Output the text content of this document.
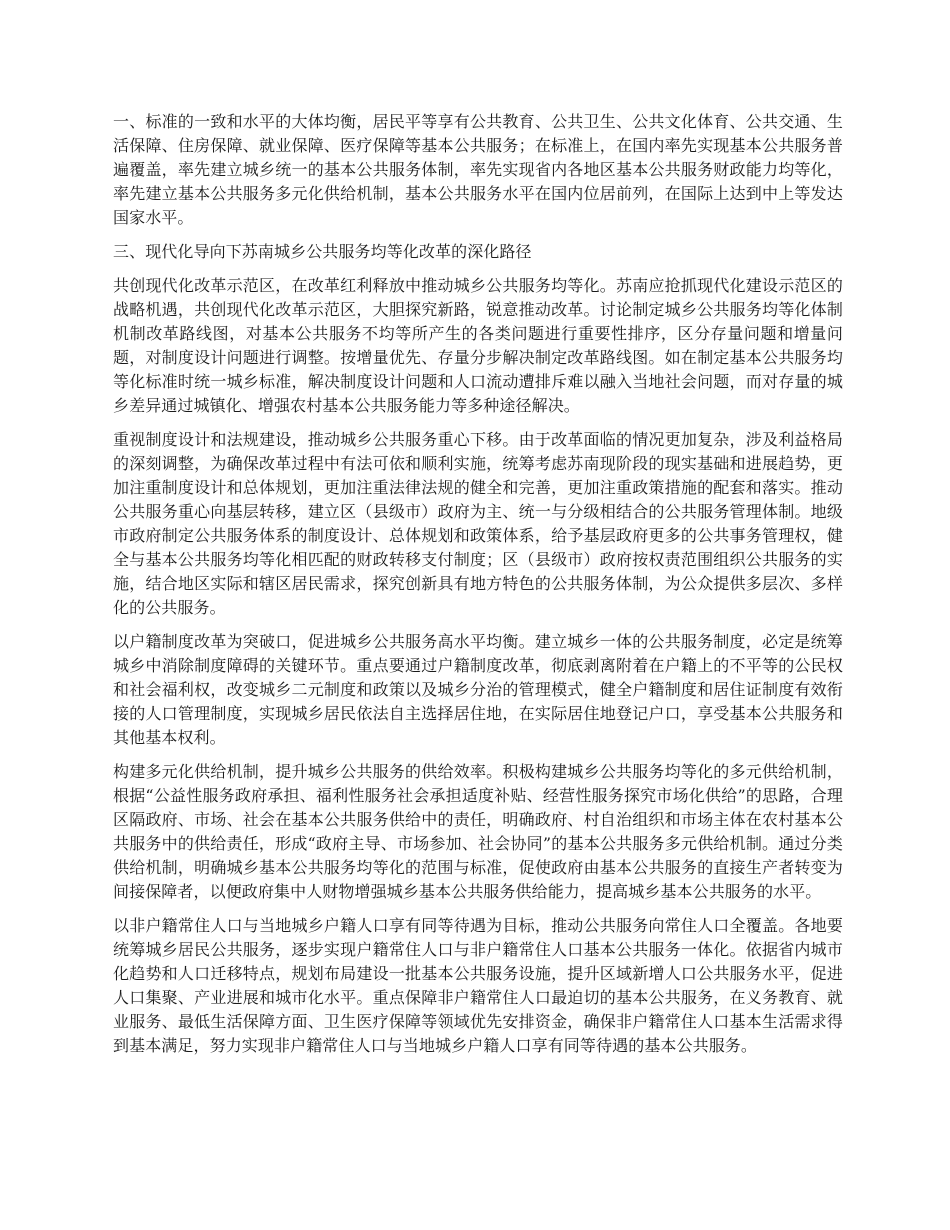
一、标准的一致和水平的大体均衡，居民平等享有公共教育、公共卫生、公共文化体育、公共交通、生活保障、住房保障、就业保障、医疗保障等基本公共服务；在标准上，在国内率先实现基本公共服务普遍覆盖，率先建立城乡统一的基本公共服务体制，率先实现省内各地区基本公共服务财政能力均等化，率先建立基本公共服务多元化供给机制，基本公共服务水平在国内位居前列，在国际上达到中上等发达国家水平。

三、现代化导向下苏南城乡公共服务均等化改革的深化路径

共创现代化改革示范区，在改革红利释放中推动城乡公共服务均等化。苏南应抢抓现代化建设示范区的战略机遇，共创现代化改革示范区，大胆探究新路，锐意推动改革。讨论制定城乡公共服务均等化体制机制改革路线图，对基本公共服务不均等所产生的各类问题进行重要性排序，区分存量问题和增量问题，对制度设计问题进行调整。按增量优先、存量分步解决制定改革路线图。如在制定基本公共服务均等化标准时统一城乡标准，解决制度设计问题和人口流动遭排斥难以融入当地社会问题，而对存量的城乡差异通过城镇化、增强农村基本公共服务能力等多种途径解决。

重视制度设计和法规建设，推动城乡公共服务重心下移。由于改革面临的情况更加复杂，涉及利益格局的深刻调整，为确保改革过程中有法可依和顺利实施，统筹考虑苏南现阶段的现实基础和进展趋势，更加注重制度设计和总体规划，更加注重法律法规的健全和完善，更加注重政策措施的配套和落实。推动公共服务重心向基层转移，建立区（县级市）政府为主、统一与分级相结合的公共服务管理体制。地级市政府制定公共服务体系的制度设计、总体规划和政策体系，给予基层政府更多的公共事务管理权，健全与基本公共服务均等化相匹配的财政转移支付制度；区（县级市）政府按权责范围组织公共服务的实施，结合地区实际和辖区居民需求，探究创新具有地方特色的公共服务体制，为公众提供多层次、多样化的公共服务。

以户籍制度改革为突破口，促进城乡公共服务高水平均衡。建立城乡一体的公共服务制度，必定是统筹城乡中消除制度障碍的关键环节。重点要通过户籍制度改革，彻底剥离附着在户籍上的不平等的公民权和社会福利权，改变城乡二元制度和政策以及城乡分治的管理模式，健全户籍制度和居住证制度有效衔接的人口管理制度，实现城乡居民依法自主选择居住地，在实际居住地登记户口，享受基本公共服务和其他基本权利。

构建多元化供给机制，提升城乡公共服务的供给效率。积极构建城乡公共服务均等化的多元供给机制，根据“公益性服务政府承担、福利性服务社会承担适度补贴、经营性服务探究市场化供给”的思路，合理区隔政府、市场、社会在基本公共服务供给中的责任，明确政府、村自治组织和市场主体在农村基本公共服务中的供给责任，形成“政府主导、市场参加、社会协同”的基本公共服务多元供给机制。通过分类供给机制，明确城乡基本公共服务均等化的范围与标准，促使政府由基本公共服务的直接生产者转变为间接保障者，以便政府集中人财物增强城乡基本公共服务供给能力，提高城乡基本公共服务的水平。

以非户籍常住人口与当地城乡户籍人口享有同等待遇为目标，推动公共服务向常住人口全覆盖。各地要统筹城乡居民公共服务，逐步实现户籍常住人口与非户籍常住人口基本公共服务一体化。依据省内城市化趋势和人口迁移特点，规划布局建设一批基本公共服务设施，提升区域新增人口公共服务水平，促进人口集聚、产业进展和城市化水平。重点保障非户籍常住人口最迫切的基本公共服务，在义务教育、就业服务、最低生活保障方面、卫生医疗保障等领域优先安排资金，确保非户籍常住人口基本生活需求得到基本满足，努力实现非户籍常住人口与当地城乡户籍人口享有同等待遇的基本公共服务。
